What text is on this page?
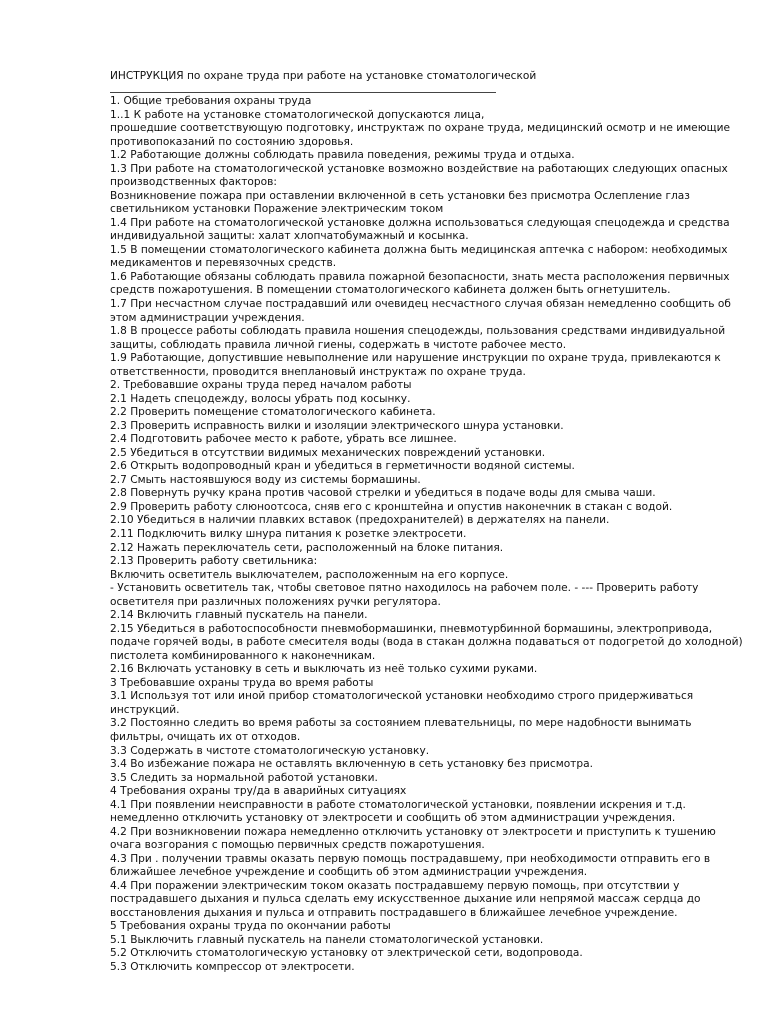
ИНСТРУКЦИЯ по охране труда при работе на установке стоматологической
1. Общие требования охраны труда
1..1 К работе на установке стоматологической допускаются лица,
прошедшие соответствующую подготовку, инструктаж по охране труда, медицинский осмотр и не имеющие
противопоказаний по состоянию здоровья.
1.2 Работающие должны соблюдать правила поведения, режимы труда и отдыха.
1.3 При работе на стоматологической установке возможно воздействие на работающих следующих опасных
производственных факторов:
Возникновение пожара при оставлении включенной в сеть установки без присмотра Ослепление глаз
светильником установки Поражение электрическим током
1.4 При работе на стоматологической установке должна использоваться следующая спецодежда и средства
индивидуальной защиты: халат хлопчатобумажный и косынка.
1.5 В помещении стоматологического кабинета должна быть медицинская аптечка с набором: необходимых
медикаментов и перевязочных средств.
1.6 Работающие обязаны соблюдать правила пожарной безопасности, знать места расположения первичных
средств пожаротушения. В помещении стоматологического кабинета должен быть огнетушитель.
1.7 При несчастном случае пострадавший или очевидец несчастного случая обязан немедленно сообщить об
этом администрации учреждения.
1.8 В процессе работы соблюдать правила ношения спецодежды, пользования средствами индивидуальной
защиты, соблюдать правила личной гиены, содержать в чистоте рабочее место.
1.9 Работающие, допустившие невыполнение или нарушение инструкции по охране труда, привлекаются к
ответственности, проводится внеплановый инструктаж по охране труда.
2. Требовавшие охраны труда перед началом работы
2.1 Надеть спецодежду, волосы убрать под косынку.
2.2 Проверить помещение стоматологического кабинета.
2.3 Проверить исправность вилки и изоляции электрического шнура установки.
2.4 Подготовить рабочее место к работе, убрать все лишнее.
2.5 Убедиться в отсутствии видимых механических повреждений установки.
2.6 Открыть водопроводный кран и убедиться в герметичности водяной системы.
2.7 Смыть настоявшуюся воду из системы бормашины.
2.8 Повернуть ручку крана против часовой стрелки и убедиться в подаче воды для смыва чаши.
2.9 Проверить работу слюноотсоса, сняв его с кронштейна и опустив наконечник в стакан с водой.
2.10 Убедиться в наличии плавких вставок (предохранителей) в держателях на панели.
2.11 Подключить вилку шнура питания к розетке электросети.
2.12 Нажать переключатель сети, расположенный на блоке питания.
2.13 Проверить работу светильника:
Включить осветитель выключателем, расположенным на его корпусе.
- Установить осветитель так, чтобы световое пятно находилось на рабочем поле. - --- Проверить работу
осветителя при различных положениях ручки регулятора.
2.14 Включить главный пускатель на панели.
2.15 Убедиться в работоспособности пневмобормашинки, пневмотурбинной бормашины, электропривода,
подаче горячей воды, в работе смесителя воды (вода в стакан должна подаваться от подогретой до холодной)
пистолета комбинированного к наконечникам.
2.16 Включать установку в сеть и выключать из неё только сухими руками.
3 Требовавшие охраны труда во время работы
3.1 Используя тот или иной прибор стоматологической установки необходимо строго придерживаться
инструкций.
3.2 Постоянно следить во время работы за состоянием плевательницы, по мере надобности вынимать
фильтры, очищать их от отходов.
3.3 Содержать в чистоте стоматологическую установку.
3.4 Во избежание пожара не оставлять включенную в сеть установку без присмотра.
3.5 Следить за нормальной работой установки.
4 Требования охраны тру/да в аварийных ситуациях
4.1 При появлении неисправности в работе стоматологической установки, появлении искрения и т.д.
немедленно отключить установку от электросети и сообщить об этом администрации учреждения.
4.2 При возникновении пожара немедленно отключить установку от электросети и приступить к тушению
очага возгорания с помощью первичных средств пожаротушения.
4.3 При . получении травмы оказать первую помощь пострадавшему, при необходимости отправить его в
ближайшее лечебное учреждение и сообщить об этом администрации учреждения.
4.4 При поражении электрическим током оказать пострадавшему первую помощь, при отсутствии у
пострадавшего дыхания и пульса сделать ему искусственное дыхание или непрямой массаж сердца до
восстановления дыхания и пульса и отправить пострадавшего в ближайшее лечебное учреждение.
5 Требования охраны труда по окончании работы
5.1 Выключить главный пускатель на панели стоматологической установки.
5.2 Отключить стоматологическую установку от электрической сети, водопровода.
5.3 Отключить компрессор от электросети.
